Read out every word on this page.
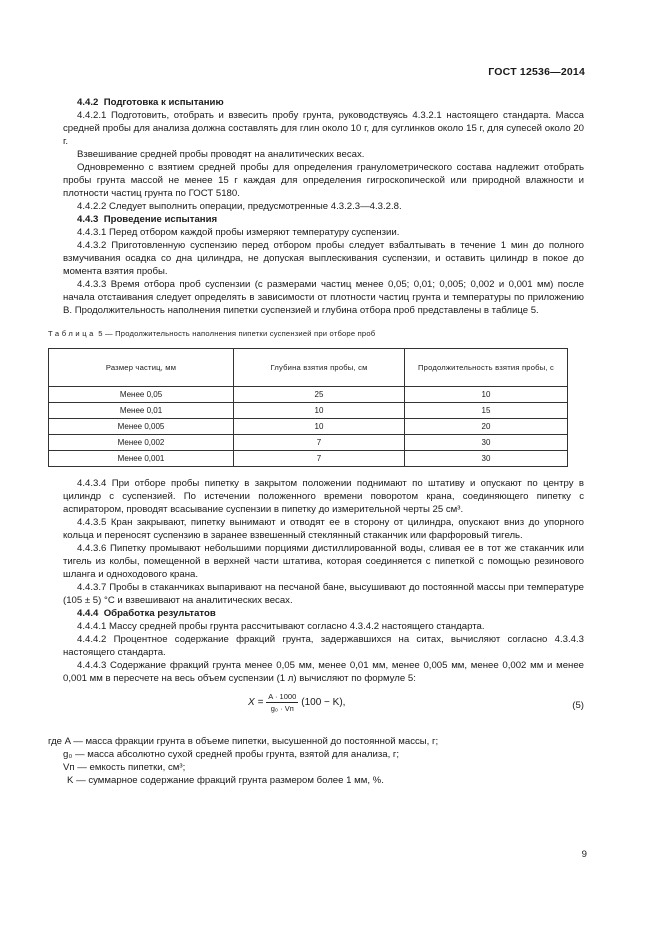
ГОСТ 12536—2014

4.4.2 Подготовка к испытанию

4.4.2.1 Подготовить, отобрать и взвесить пробу грунта, руководствуясь 4.3.2.1 настоящего стандарта. Масса средней пробы для анализа должна составлять для глин около 10 г, для суглинков около 15 г, для супесей около 20 г.

Взвешивание средней пробы проводят на аналитических весах.

Одновременно с взятием средней пробы для определения гранулометрического состава надлежит отобрать пробы грунта массой не менее 15 г каждая для определения гигроскопической или природной влажности и плотности частиц грунта по ГОСТ 5180.

4.4.2.2 Следует выполнить операции, предусмотренные 4.3.2.3—4.3.2.8.

4.4.3 Проведение испытания

4.4.3.1 Перед отбором каждой пробы измеряют температуру суспензии.

4.4.3.2 Приготовленную суспензию перед отбором пробы следует взбалтывать в течение 1 мин до полного взмучивания осадка со дна цилиндра, не допуская выплескивания суспензии, и оставить цилиндр в покое до момента взятия пробы.

4.4.3.3 Время отбора проб суспензии (с размерами частиц менее 0,05; 0,01; 0,005; 0,002 и 0,001 мм) после начала отстаивания следует определять в зависимости от плотности частиц грунта и температуры по приложению В. Продолжительность наполнения пипетки суспензией и глубина отбора проб представлены в таблице 5.

Таблица 5 — Продолжительность наполнения пипетки суспензией при отборе проб
Размер частиц, мм	Глубина взятия пробы, см	Продолжительность взятия пробы, с
Менее 0,05	25	10
Менее 0,01	10	15
Менее 0,005	10	20
Менее 0,002	7	30
Менее 0,001	7	30

4.4.3.4 При отборе пробы пипетку в закрытом положении поднимают по штативу и опускают по центру в цилиндр с суспензией. По истечении положенного времени поворотом крана, соединяющего пипетку с аспиратором, проводят всасывание суспензии в пипетку до измерительной черты 25 см³.

4.4.3.5 Кран закрывают, пипетку вынимают и отводят ее в сторону от цилиндра, опускают вниз до упорного кольца и переносят суспензию в заранее взвешенный стеклянный стаканчик или фарфоровый тигель.

4.4.3.6 Пипетку промывают небольшими порциями дистиллированной воды, сливая ее в тот же стаканчик или тигель из колбы, помещенной в верхней части штатива, которая соединяется с пипеткой с помощью резинового шланга и одноходового крана.

4.4.3.7 Пробы в стаканчиках выпаривают на песчаной бане, высушивают до постоянной массы при температуре (105 ± 5) °C и взвешивают на аналитических весах.

4.4.4 Обработка результатов

4.4.4.1 Массу средней пробы грунта рассчитывают согласно 4.3.4.2 настоящего стандарта.

4.4.4.2 Процентное содержание фракций грунта, задержавшихся на ситах, вычисляют согласно 4.3.4.3 настоящего стандарта.

4.4.4.3 Содержание фракций грунта менее 0,05 мм, менее 0,01 мм, менее 0,005 мм, менее 0,002 мм и менее 0,001 мм в пересчете на весь объем суспензии (1 л) вычисляют по формуле 5:

$X = \frac{A \cdot 1000}{\text{g₀ · Vп}} (100 - K)$,	(5)

где A — масса фракции грунта в объеме пипетки, высушенной до постоянной массы, г;

g₀ — масса абсолютно сухой средней пробы грунта, взятой для анализа, г;

Vп — емкость пипетки, см³;

K — суммарное содержание фракций грунта размером более 1 мм, %.

9
